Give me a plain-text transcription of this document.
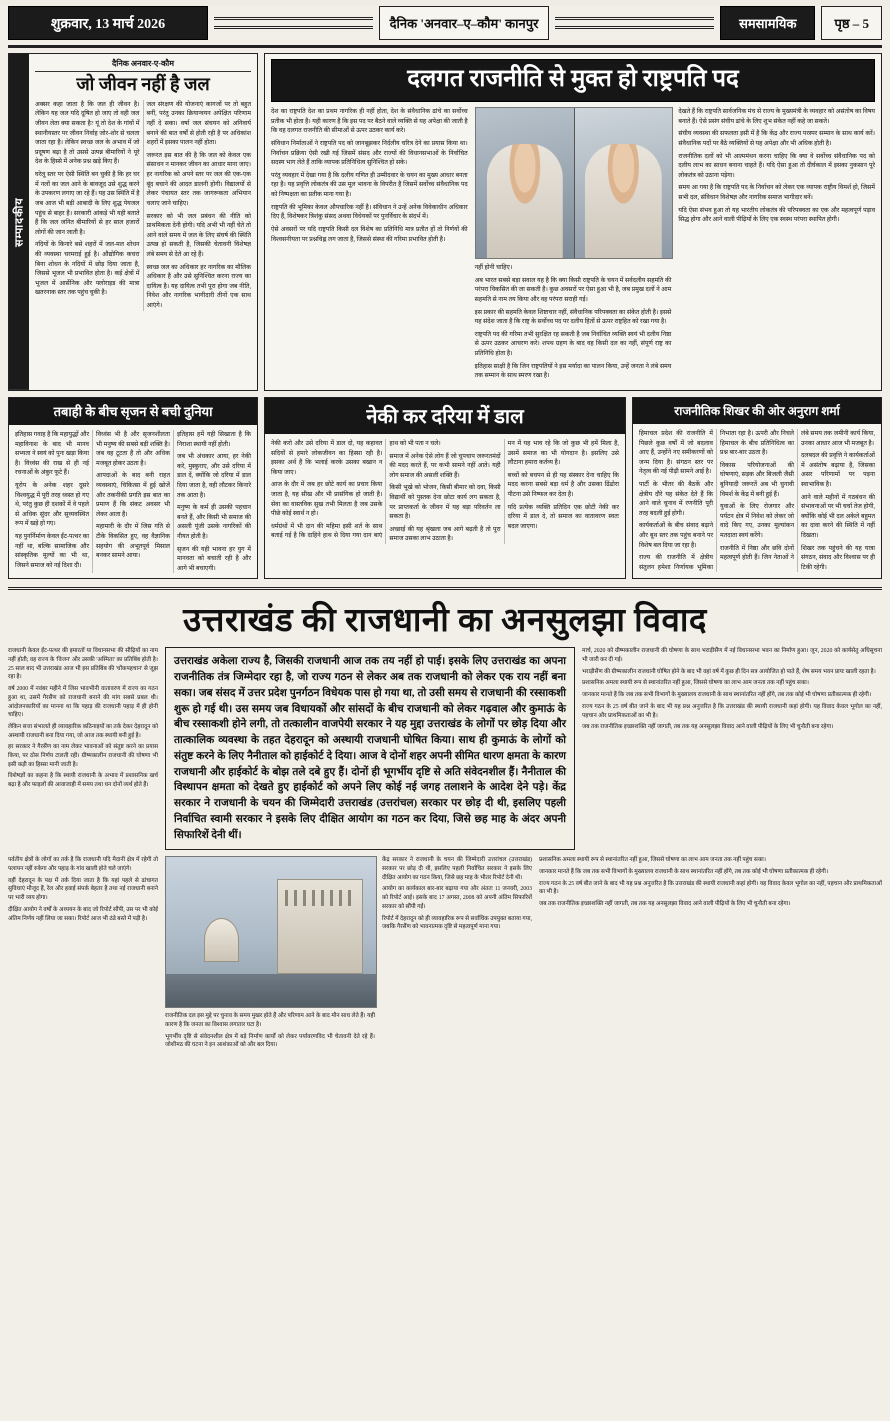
शुक्रवार, 13 मार्च 2026	दैनिक 'अनवार–ए–कौम' कानपुर	समसामयिक	पृष्ठ – 5
सम्पादकीय
दैनिक अनवार-ए-कौम
जो जीवन नहीं है जल

अक्सर कहा जाता है कि जल ही जीवन है। लेकिन यह जल यदि दूषित हो जाए तो वही जल जीवन लेता क्या सकता है? यूं तो देश के गांवों में स्थानीयस्तर पर जीवन निर्वाह जोर-शोर से चलता जाता रहा है। लेकिन स्वच्छ जल के अभाव में जो प्रदूषण बढ़ा है तो उससे उत्पन्न बीमारियों ने पूरे देश के हिस्से में अनेक प्रश्न खड़े किए हैं।

घरेलू स्तर पर ऐसी स्थिति बन चुकी है कि हर घर में नलों का जल आने के बावजूद उसे शुद्ध करने के उपकरण लगाए जा रहे हैं। यह उस स्थिति में है जब आज भी बड़ी आबादी के लिए शुद्ध पेयजल पहुंच से बाहर है। सरकारी आंकड़े भी यही बताते हैं कि जल जनित बीमारियों से हर साल हजारों लोगों की जान जाती है।

नदियों के किनारे बसे शहरों में जल-मल शोधन की व्यवस्था चरमराई हुई है। औद्योगिक कचरा बिना शोधन के नदियों में छोड़ दिया जाता है, जिससे भूजल भी प्रभावित होता है। कई क्षेत्रों में भूजल में आर्सेनिक और फ्लोराइड की मात्रा खतरनाक स्तर तक पहुंच चुकी है।

जल संरक्षण की योजनाएं कागजों पर तो बहुत बनीं, परंतु उनका क्रियान्वयन अपेक्षित परिणाम नहीं दे सका। वर्षा जल संचयन को अनिवार्य बनाने की बात वर्षों से होती रही है पर अधिकांश शहरों में इसका पालन नहीं होता।

जरूरत इस बात की है कि जल को केवल एक संसाधन न मानकर जीवन का आधार माना जाए। हर नागरिक को अपने स्तर पर जल की एक-एक बूंद बचाने की आदत डालनी होगी। विद्यालयों से लेकर पंचायत स्तर तक जागरूकता अभियान चलाए जाने चाहिए।

सरकार को भी जल प्रबंधन की नीति को प्राथमिकता देनी होगी। यदि अभी भी नहीं चेते तो आने वाले समय में जल के लिए संघर्ष की स्थिति उत्पन्न हो सकती है, जिसकी चेतावनी विशेषज्ञ लंबे समय से देते आ रहे हैं।

स्वच्छ जल का अधिकार हर नागरिक का मौलिक अधिकार है और उसे सुनिश्चित करना राज्य का दायित्व है। यह दायित्व तभी पूरा होगा जब नीति, निवेश और नागरिक भागीदारी तीनों एक साथ आएंगे।

दलगत राजनीति से मुक्त हो राष्ट्रपति पद

देश का राष्ट्रपति देश का प्रथम नागरिक ही नहीं होता, देश के संवैधानिक ढांचे का सर्वोच्च प्रतीक भी होता है। यही कारण है कि इस पद पर बैठने वाले व्यक्ति से यह अपेक्षा की जाती है कि वह दलगत राजनीति की सीमाओं से ऊपर उठकर कार्य करे।

संविधान निर्माताओं ने राष्ट्रपति पद को जानबूझकर निर्दलीय चरित्र देने का प्रयास किया था। निर्वाचन प्रक्रिया ऐसी रखी गई जिसमें संसद और राज्यों की विधानसभाओं के निर्वाचित सदस्य भाग लेते हैं ताकि व्यापक प्रतिनिधित्व सुनिश्चित हो सके।

परंतु व्यवहार में देखा गया है कि दलीय गणित ही उम्मीदवार के चयन का मुख्य आधार बनता रहा है। यह प्रवृत्ति लोकतंत्र की उस मूल भावना के विपरीत है जिसमें सर्वोच्च संवैधानिक पद को निष्पक्षता का प्रतीक माना गया है।

राष्ट्रपति की भूमिका केवल औपचारिक नहीं है। संविधान ने उन्हें अनेक विवेकाधीन अधिकार दिए हैं, विशेषकर त्रिशंकु संसद अथवा विधेयकों पर पुनर्विचार के संदर्भ में।

ऐसे अवसरों पर यदि राष्ट्रपति किसी दल विशेष का प्रतिनिधि मात्र प्रतीत हों तो निर्णयों की विश्वसनीयता पर प्रश्नचिह्न लग जाता है, जिससे संस्था की गरिमा प्रभावित होती है।

नहीं होनी चाहिए।

अब भारत सबसे बड़ा सवाल यह है कि क्या किसी राष्ट्रपति के चयन में सर्वदलीय सहमति की परंपरा विकसित की जा सकती है। कुछ अवसरों पर ऐसा हुआ भी है, जब प्रमुख दलों ने आम सहमति से नाम तय किया और वह परंपरा सराही गई।

इस प्रकार की सहमति केवल शिष्टाचार नहीं, संवैधानिक परिपक्वता का संकेत होती है। इससे यह संदेश जाता है कि राष्ट्र के सर्वोच्च पद पर दलीय हितों से ऊपर राष्ट्रहित को रखा गया है।

राष्ट्रपति पद की गरिमा तभी सुरक्षित रह सकती है जब निर्वाचित व्यक्ति स्वयं भी दलीय निष्ठा से ऊपर उठकर आचरण करे। शपथ ग्रहण के बाद वह किसी दल का नहीं, संपूर्ण राष्ट्र का प्रतिनिधि होता है।

इतिहास साक्षी है कि जिन राष्ट्रपतियों ने इस मर्यादा का पालन किया, उन्हें जनता ने लंबे समय तक सम्मान के साथ स्मरण रखा है।

देखते हैं कि राष्ट्रपति सार्वजनिक मंच से राज्य के मुख्यमंत्री के व्यवहार को असंतोष का विषय बनाते हैं। ऐसे प्रसंग संघीय ढांचे के लिए शुभ संकेत नहीं कहे जा सकते।

संघीय व्यवस्था की सफलता इसी में है कि केंद्र और राज्य परस्पर सम्मान के साथ कार्य करें। संवैधानिक पदों पर बैठे व्यक्तियों से यह अपेक्षा और भी अधिक होती है।

राजनीतिक दलों को भी आत्ममंथन करना चाहिए कि क्या वे सर्वोच्च संवैधानिक पद को दलीय लाभ का साधन बनाना चाहते हैं। यदि ऐसा हुआ तो दीर्घकाल में इसका नुकसान पूरे लोकतंत्र को उठाना पड़ेगा।

समय आ गया है कि राष्ट्रपति पद के निर्वाचन को लेकर एक व्यापक राष्ट्रीय विमर्श हो, जिसमें सभी दल, संविधान विशेषज्ञ और नागरिक समाज भागीदार बनें।

यदि ऐसा संभव हुआ तो यह भारतीय लोकतंत्र की परिपक्वता का एक और महत्वपूर्ण पड़ाव सिद्ध होगा और आने वाली पीढ़ियों के लिए एक स्वस्थ परंपरा स्थापित होगी।

तबाही के बीच सृजन से बची दुनिया

इतिहास गवाह है कि महायुद्धों और महाविनाश के बाद भी मानव सभ्यता ने स्वयं को पुनः खड़ा किया है। विध्वंस की राख से ही नई रचनाओं के अंकुर फूटे हैं।

यूरोप के अनेक शहर दूसरे विश्वयुद्ध में पूरी तरह ध्वस्त हो गए थे, परंतु कुछ ही दशकों में वे पहले से अधिक सुंदर और सुव्यवस्थित रूप में खड़े हो गए।

यह पुनर्निर्माण केवल ईंट-पत्थर का नहीं था, बल्कि सामाजिक और सांस्कृतिक मूल्यों का भी था, जिसने समाज को नई दिशा दी।

विध्वंस भी है और सृजनशीलता भी मनुष्य की सबसे बड़ी शक्ति है। जब वह टूटता है तो और अधिक मजबूत होकर उठता है।

आपदाओं के बाद बनी राहत व्यवस्थाएं, चिकित्सा में हुई खोजें और तकनीकी प्रगति इस बात का प्रमाण हैं कि संकट अवसर भी लेकर आता है।

महामारी के दौर में जिस गति से टीके विकसित हुए, वह वैज्ञानिक सहयोग की अभूतपूर्व मिसाल बनकर सामने आया।

इतिहास हमें यही सिखाता है कि निराशा स्थायी नहीं होती।

जब भी अंधकार आया, हर नेकी करे, मुस्कुराए, और उसे दरिया में डाल दें, क्योंकि जो दरिया में डाल दिया जाता है, वही लौटकर किनारे तक आता है।

मनुष्य के कर्म ही उसकी पहचान बनते हैं, और किसी भी समाज की असली पूंजी उसके नागरिकों की नीयत होती है।

सृजन की यही भावना हर युग में मानवता को बचाती रही है और आगे भी बचाएगी।

नेकी कर दरिया में डाल

नेकी करो और उसे दरिया में डाल दो, यह कहावत सदियों से हमारे लोकजीवन का हिस्सा रही है। इसका अर्थ है कि भलाई करके उसका बखान न किया जाए।

आज के दौर में जब हर छोटे कार्य का प्रचार किया जाता है, यह सीख और भी प्रासंगिक हो जाती है। सेवा का वास्तविक सुख तभी मिलता है जब उसके पीछे कोई स्वार्थ न हो।

धर्मग्रंथों में भी दान की महिमा इसी शर्त के साथ बताई गई है कि दाहिने हाथ से दिया गया दान बाएं हाथ को भी पता न चले।

समाज में अनेक ऐसे लोग हैं जो चुपचाप जरूरतमंदों की मदद करते हैं, पर कभी सामने नहीं आते। यही लोग समाज की असली शक्ति हैं।

किसी भूखे को भोजन, किसी बीमार को दवा, किसी विद्यार्थी को पुस्तक देना छोटा कार्य लग सकता है, पर प्राप्तकर्ता के जीवन में यह बड़ा परिवर्तन ला सकता है।

अच्छाई की यह श्रृंखला जब आगे बढ़ती है तो पूरा समाज उसका लाभ उठाता है।

मन में यह भाव रहे कि जो कुछ भी हमें मिला है, उसमें समाज का भी योगदान है। इसलिए उसे लौटाना हमारा कर्तव्य है।

बच्चों को बचपन से ही यह संस्कार देना चाहिए कि मदद करना सबसे बड़ा धर्म है और उसका ढिंढोरा पीटना उसे निष्फल कर देता है।

यदि प्रत्येक व्यक्ति प्रतिदिन एक छोटी नेकी कर दरिया में डाल दे, तो समाज का वातावरण स्वतः बदल जाएगा।

राजनीतिक शिखर की ओर अनुराग शर्मा

हिमाचल प्रदेश की राजनीति में पिछले कुछ वर्षों में जो बदलाव आए हैं, उन्होंने नए समीकरणों को जन्म दिया है। संगठन स्तर पर नेतृत्व की नई पीढ़ी सामने आई है।

पार्टी के भीतर की बैठकें और क्षेत्रीय दौरे यह संकेत देते हैं कि आने वाले चुनाव में रणनीति पूरी तरह बदली हुई होगी।

कार्यकर्ताओं के बीच संवाद बढ़ाने और बूथ स्तर तक पहुंच बनाने पर विशेष बल दिया जा रहा है।

राज्य की राजनीति में क्षेत्रीय संतुलन हमेशा निर्णायक भूमिका निभाता रहा है। ऊपरी और निचले हिमाचल के बीच प्रतिनिधित्व का प्रश्न बार-बार उठता है।

विकास परियोजनाओं की घोषणाएं, सड़क और बिजली जैसी बुनियादी जरूरतें अब भी चुनावी विमर्श के केंद्र में बनी हुई हैं।

युवाओं के लिए रोजगार और पर्यटन क्षेत्र में निवेश को लेकर जो वादे किए गए, उनका मूल्यांकन मतदाता स्वयं करेंगे।

राजनीति में निष्ठा और छवि दोनों महत्वपूर्ण होती हैं। जिन नेताओं ने लंबे समय तक जमीनी कार्य किया, उनका आधार आज भी मजबूत है।

दलबदल की प्रवृत्ति ने कार्यकर्ताओं में असंतोष बढ़ाया है, जिसका असर परिणामों पर पड़ना स्वाभाविक है।

आने वाले महीनों में गठबंधन की संभावनाओं पर भी चर्चा तेज होगी, क्योंकि कोई भी दल अकेले बहुमत का दावा करने की स्थिति में नहीं दिखता।

शिखर तक पहुंचने की यह यात्रा संगठन, संवाद और विश्वास पर ही टिकी रहेगी।

उत्तराखंड की राजधानी का अनसुलझा विवाद

राजधानी केवल ईंट-पत्थर की इमारतों या विधानसभा की सीढ़ियों का नाम नहीं होती; वह राज्य के 'विजन' और उसकी 'अस्मिता' का प्रतिबिंब होती है। 25 साल बाद भी उत्तराखंड आज भी इस प्रतिबिंब की 'धोंकपहचान' से जूझ रहा है।

वर्ष 2000 में नवंबर महीने में जिस भावभीनी वातावरण में राज्य का गठन हुआ था, उसमें गैरसैंण को राजधानी बनाने की मांग सबसे प्रबल थी। आंदोलनकारियों का मानना था कि पहाड़ की राजधानी पहाड़ में ही होनी चाहिए।

लेकिन सत्ता संभालते ही व्यावहारिक कठिनाइयों का तर्क देकर देहरादून को अस्थायी राजधानी बना दिया गया, जो आज तक स्थायी बनी हुई है।

हर सरकार ने गैरसैंण का नाम लेकर भावनाओं को संतुष्ट करने का प्रयास किया, पर ठोस निर्णय टालती रही। ग्रीष्मकालीन राजधानी की घोषणा भी इसी कड़ी का हिस्सा मानी जाती है।

विशेषज्ञों का कहना है कि स्थायी राजधानी के अभाव में प्रशासनिक खर्च बढ़ा है और फाइलों की आवाजाही में समय तथा धन दोनों व्यर्थ होते हैं।

उत्तराखंड अकेला राज्य है, जिसकी राजधानी आज तक तय नहीं हो पाई। इसके लिए उत्तराखंड का अपना राजनीतिक तंत्र जिम्मेदार रहा है, जो राज्य गठन से लेकर अब तक राजधानी को लेकर एक राय नहीं बना सका। जब संसद में उत्तर प्रदेश पुनर्गठन विधेयक पास हो गया था, तो उसी समय से राजधानी की रस्साकशी शुरू हो गई थी। उस समय जब विधायकों और सांसदों के बीच राजधानी को लेकर गढ़वाल और कुमाऊं के बीच रस्साकशी होने लगी, तो तत्कालीन वाजपेयी सरकार ने यह मुद्दा उत्तराखंड के लोगों पर छोड़ दिया और तात्कालिक व्यवस्था के तहत देहरादून को अस्थायी राजधानी घोषित किया। साथ ही कुमाऊं के लोगों को संतुष्ट करने के लिए नैनीताल को हाईकोर्ट दे दिया। आज वे दोनों शहर अपनी सीमित धारण क्षमता के कारण राजधानी और हाईकोर्ट के बोझ तले दबे हुए हैं। दोनों ही भूगर्भीय दृष्टि से अति संवेदनशील हैं। नैनीताल की विस्थापन क्षमता को देखते हुए हाईकोर्ट को अपने लिए कोई नई जगह तलाशने के आदेश देने पड़े। केंद्र सरकार ने राजधानी के चयन की जिम्मेदारी उत्तराखंड (उत्तरांचल) सरकार पर छोड़ दी थी, इसलिए पहली निर्वाचित स्वामी सरकार ने इसके लिए दीक्षित आयोग का गठन कर दिया, जिसे छह माह के अंदर अपनी सिफारिशें देनी थीं।

मार्च, 2020 को ग्रीष्मकालीन राजधानी की घोषणा के साथ भराड़ीसैंण में नई विधानसभा भवन का निर्माण हुआ। जून, 2020 को कार्यसेतु अधिसूचना भी जारी कर दी गई।

भराड़ीसैंण की ग्रीष्मकालीन राजधानी घोषित होने के बाद भी वहां वर्ष में कुछ ही दिन सत्र आयोजित हो पाते हैं, शेष समय भवन प्रायः खाली रहता है।

प्रशासनिक अमला स्थायी रूप से स्थानांतरित नहीं हुआ, जिससे घोषणा का लाभ आम जनता तक नहीं पहुंच सका।

जानकार मानते हैं कि जब तक सभी विभागों के मुख्यालय राजधानी के साथ स्थानांतरित नहीं होंगे, तब तक कोई भी घोषणा प्रतीकात्मक ही रहेगी।

राज्य गठन के 25 वर्ष बीत जाने के बाद भी यह प्रश्न अनुत्तरित है कि उत्तराखंड की स्थायी राजधानी कहां होगी। यह विवाद केवल भूगोल का नहीं, पहचान और प्राथमिकताओं का भी है।

जब तक राजनीतिक इच्छाशक्ति नहीं जागती, तब तक यह अनसुलझा विवाद आने वाली पीढ़ियों के लिए भी चुनौती बना रहेगा।

पर्वतीय क्षेत्रों के लोगों का तर्क है कि राजधानी यदि मैदानी क्षेत्र में रहेगी तो पलायन नहीं रुकेगा और पहाड़ के गांव खाली होते चले जाएंगे।

वहीं देहरादून के पक्ष में तर्क दिया जाता है कि यहां पहले से ढांचागत सुविधाएं मौजूद हैं, रेल और हवाई संपर्क बेहतर है तथा नई राजधानी बनाने पर भारी व्यय होगा।

दीक्षित आयोग ने वर्षों के अध्ययन के बाद जो रिपोर्ट सौंपी, उस पर भी कोई अंतिम निर्णय नहीं लिया जा सका। रिपोर्ट आज भी ठंडे बस्ते में पड़ी है।

राजनीतिक दल इस मुद्दे पर चुनाव के समय मुखर होते हैं और परिणाम आने के बाद मौन साध लेते हैं। यही कारण है कि जनता का विश्वास लगातार घटा है।

भूगर्भीय दृष्टि से संवेदनशील क्षेत्र में बड़े निर्माण कार्यों को लेकर पर्यावरणविद भी चेतावनी देते रहे हैं। जोशीमठ की घटना ने इन आशंकाओं को और बल दिया।

केंद्र सरकार ने राजधानी के चयन की जिम्मेदारी उत्तरांचल (उत्तराखंड) सरकार पर छोड़ दी थी, इसलिए पहली निर्वाचित सरकार ने इसके लिए दीक्षित आयोग का गठन किया, जिसे छह माह के भीतर रिपोर्ट देनी थी।

आयोग का कार्यकाल बार-बार बढ़ाया गया और अंततः 11 जनवरी, 2003 को रिपोर्ट आई। इसके बाद 17 अगस्त, 2008 को अपनी अंतिम सिफारिशें सरकार को सौंपी गईं।

रिपोर्ट में देहरादून को ही व्यावहारिक रूप से सर्वाधिक उपयुक्त बताया गया, जबकि गैरसैंण को भावनात्मक दृष्टि से महत्वपूर्ण माना गया।

प्रशासनिक अमला स्थायी रूप से स्थानांतरित नहीं हुआ, जिससे घोषणा का लाभ आम जनता तक नहीं पहुंच सका।

जानकार मानते हैं कि जब तक सभी विभागों के मुख्यालय राजधानी के साथ स्थानांतरित नहीं होंगे, तब तक कोई भी घोषणा प्रतीकात्मक ही रहेगी।

राज्य गठन के 25 वर्ष बीत जाने के बाद भी यह प्रश्न अनुत्तरित है कि उत्तराखंड की स्थायी राजधानी कहां होगी। यह विवाद केवल भूगोल का नहीं, पहचान और प्राथमिकताओं का भी है।

जब तक राजनीतिक इच्छाशक्ति नहीं जागती, तब तक यह अनसुलझा विवाद आने वाली पीढ़ियों के लिए भी चुनौती बना रहेगा।
